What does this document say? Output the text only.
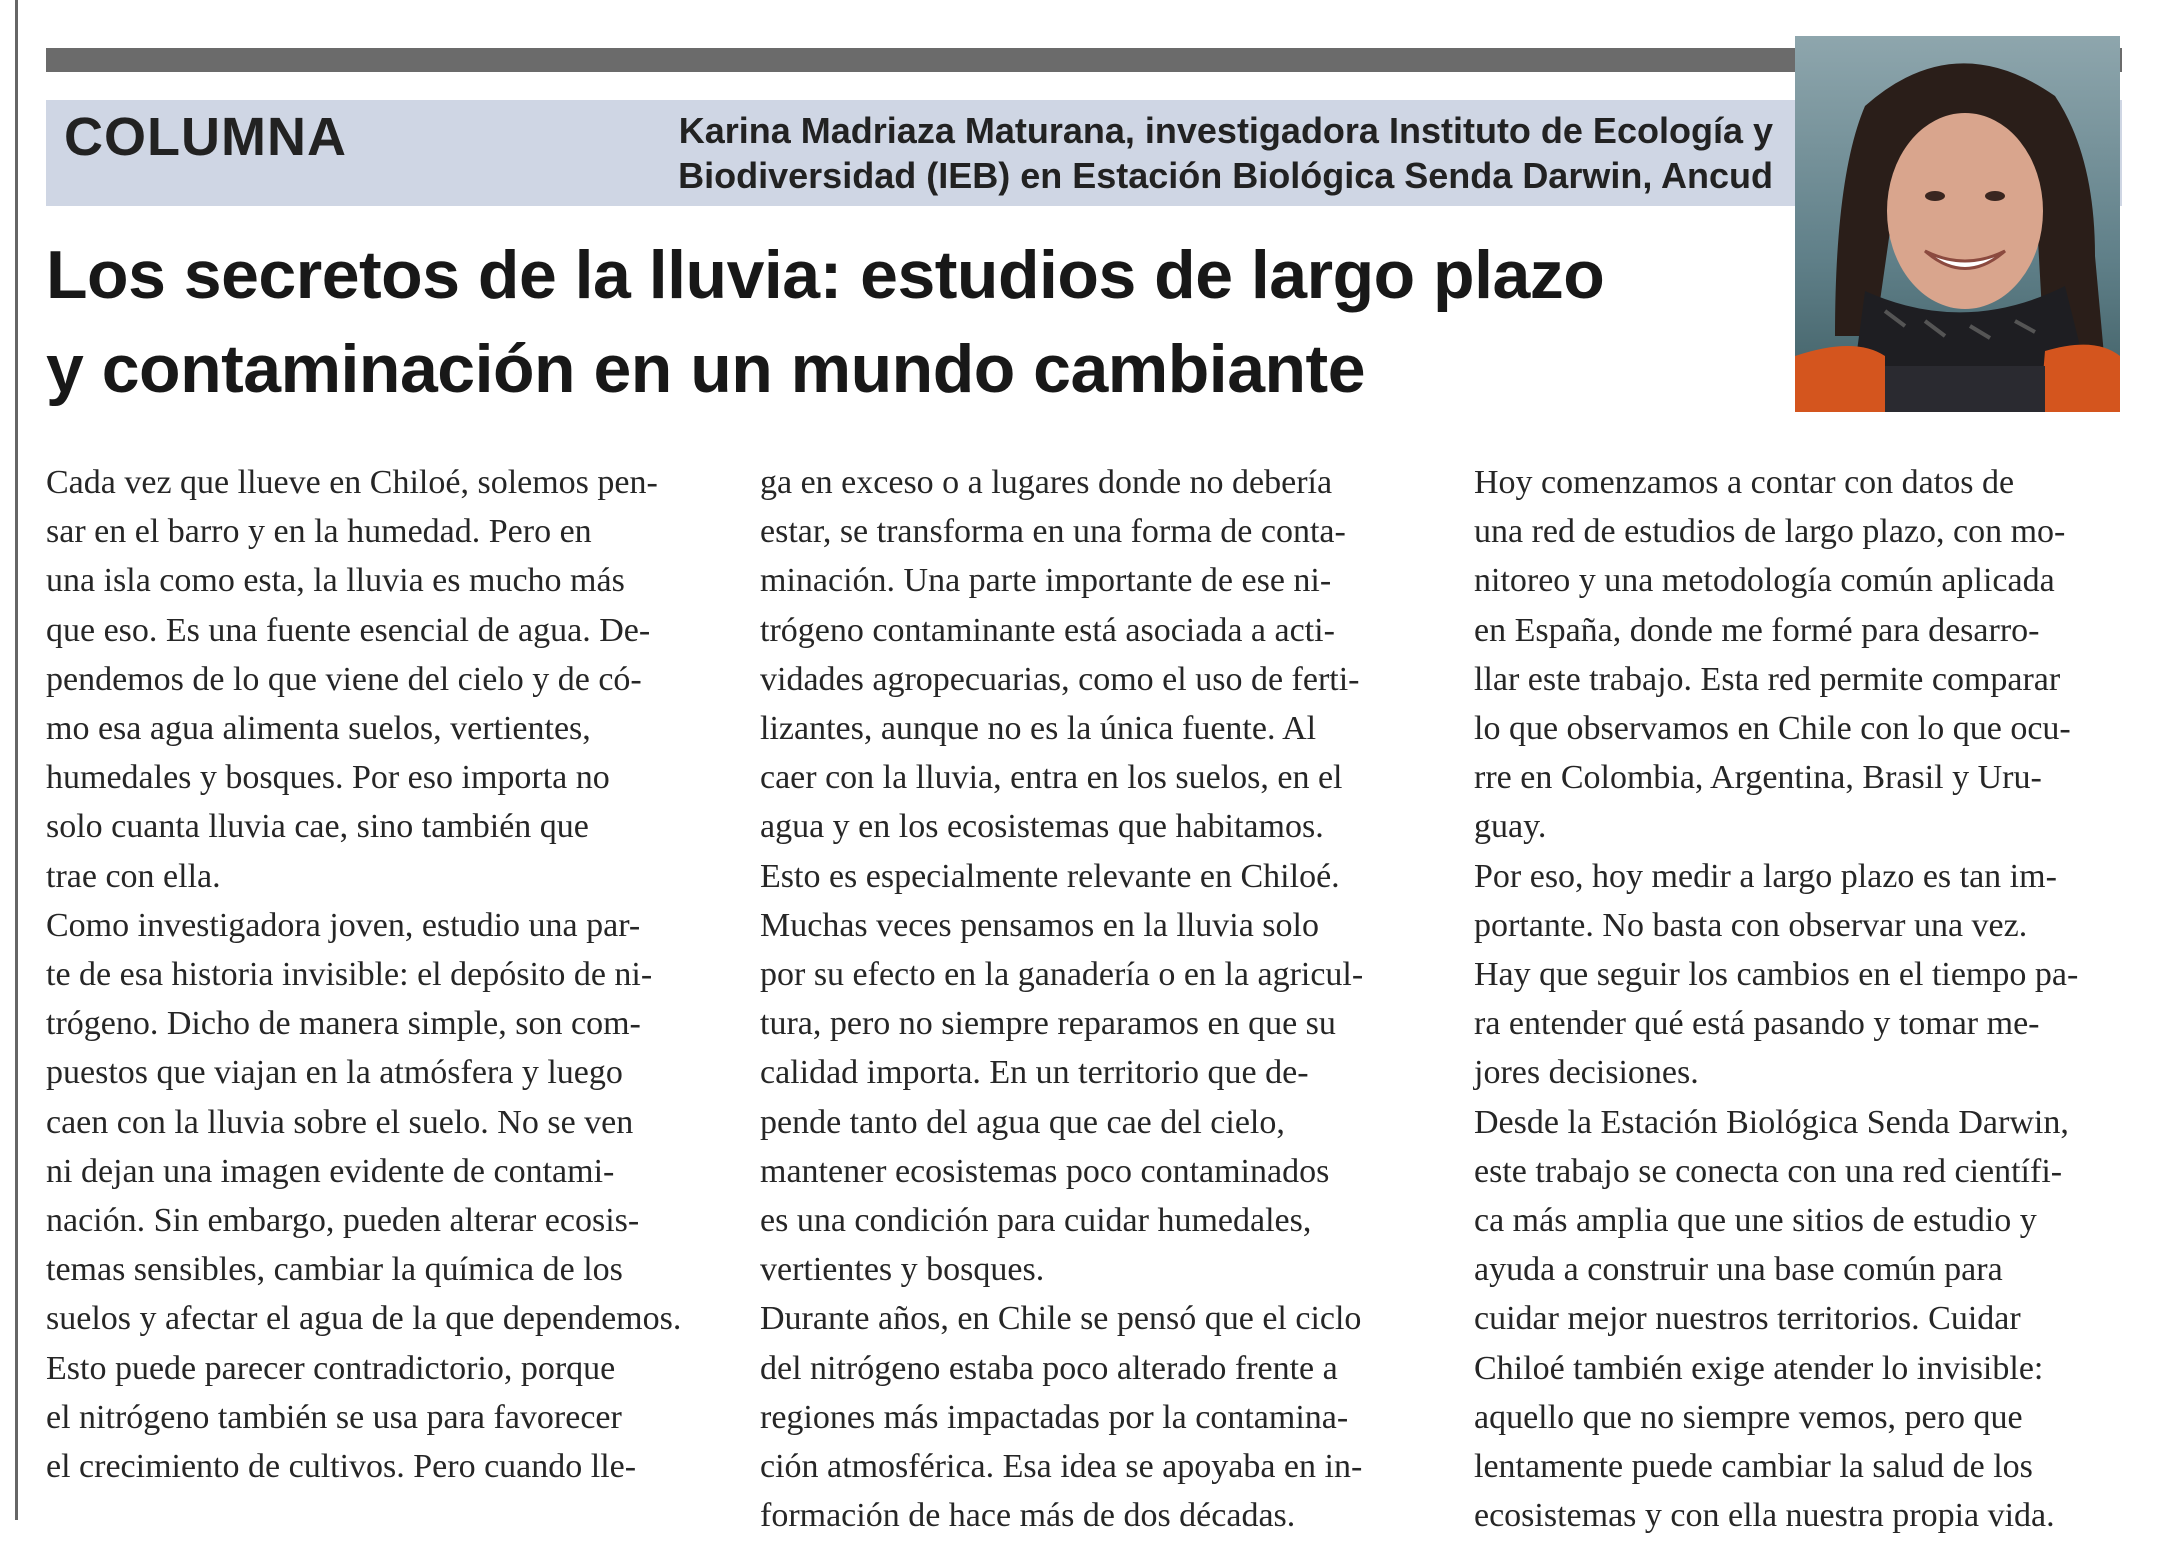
COLUMNA	Karina Madriaza Maturana, investigadora Instituto de Ecología y
Biodiversidad (IEB) en Estación Biológica Senda Darwin, Ancud
Los secretos de la lluvia: estudios de largo plazo
y contaminación en un mundo cambiante
Cada vez que llueve en Chiloé, solemos pen-
sar en el barro y en la humedad. Pero en
una isla como esta, la lluvia es mucho más
que eso. Es una fuente esencial de agua. De-
pendemos de lo que viene del cielo y de có-
mo esa agua alimenta suelos, vertientes,
humedales y bosques. Por eso importa no
solo cuanta lluvia cae, sino también que
trae con ella.
Como investigadora joven, estudio una par-
te de esa historia invisible: el depósito de ni-
trógeno. Dicho de manera simple, son com-
puestos que viajan en la atmósfera y luego
caen con la lluvia sobre el suelo. No se ven
ni dejan una imagen evidente de contami-
nación. Sin embargo, pueden alterar ecosis-
temas sensibles, cambiar la química de los
suelos y afectar el agua de la que dependemos.
Esto puede parecer contradictorio, porque
el nitrógeno también se usa para favorecer
el crecimiento de cultivos. Pero cuando lle-
ga en exceso o a lugares donde no debería
estar, se transforma en una forma de conta-
minación. Una parte importante de ese ni-
trógeno contaminante está asociada a acti-
vidades agropecuarias, como el uso de ferti-
lizantes, aunque no es la única fuente. Al
caer con la lluvia, entra en los suelos, en el
agua y en los ecosistemas que habitamos.
Esto es especialmente relevante en Chiloé.
Muchas veces pensamos en la lluvia solo
por su efecto en la ganadería o en la agricul-
tura, pero no siempre reparamos en que su
calidad importa. En un territorio que de-
pende tanto del agua que cae del cielo,
mantener ecosistemas poco contaminados
es una condición para cuidar humedales,
vertientes y bosques.
Durante años, en Chile se pensó que el ciclo
del nitrógeno estaba poco alterado frente a
regiones más impactadas por la contamina-
ción atmosférica. Esa idea se apoyaba en in-
formación de hace más de dos décadas.
Hoy comenzamos a contar con datos de
una red de estudios de largo plazo, con mo-
nitoreo y una metodología común aplicada
en España, donde me formé para desarro-
llar este trabajo. Esta red permite comparar
lo que observamos en Chile con lo que ocu-
rre en Colombia, Argentina, Brasil y Uru-
guay.
Por eso, hoy medir a largo plazo es tan im-
portante. No basta con observar una vez.
Hay que seguir los cambios en el tiempo pa-
ra entender qué está pasando y tomar me-
jores decisiones.
Desde la Estación Biológica Senda Darwin,
este trabajo se conecta con una red científi-
ca más amplia que une sitios de estudio y
ayuda a construir una base común para
cuidar mejor nuestros territorios. Cuidar
Chiloé también exige atender lo invisible:
aquello que no siempre vemos, pero que
lentamente puede cambiar la salud de los
ecosistemas y con ella nuestra propia vida.
